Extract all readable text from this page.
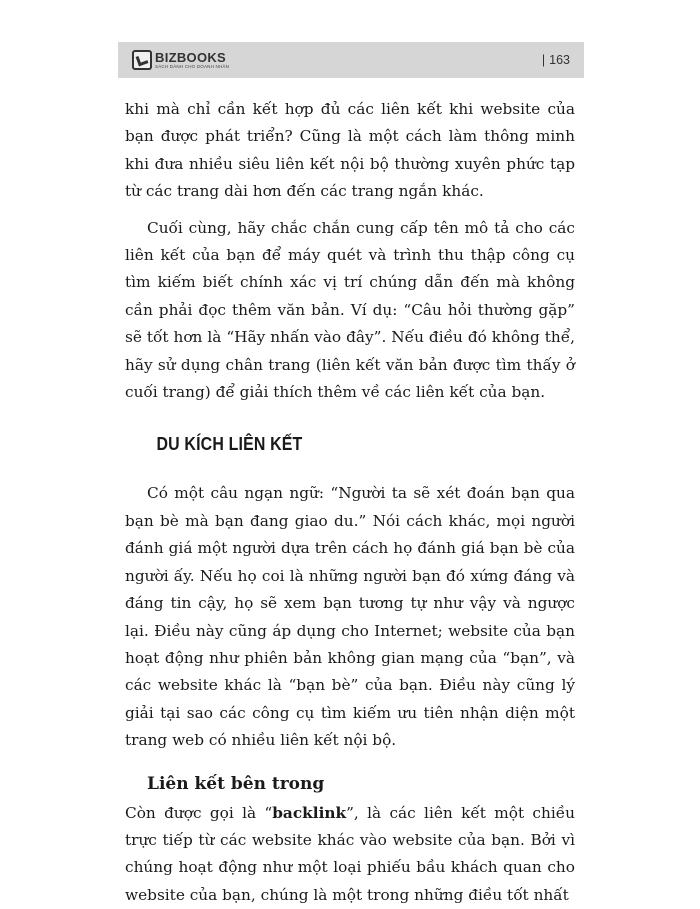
BIZBOOKS
SÁCH DÀNH CHO DOANH NHÂN	| 163

khi mà chỉ cần kết hợp đủ các liên kết khi website của bạn được phát triển? Cũng là một cách làm thông minh khi đưa nhiều siêu liên kết nội bộ thường xuyên phức tạp từ các trang dài hơn đến các trang ngắn khác.

Cuối cùng, hãy chắc chắn cung cấp tên mô tả cho các liên kết của bạn để máy quét và trình thu thập công cụ tìm kiếm biết chính xác vị trí chúng dẫn đến mà không cần phải đọc thêm văn bản. Ví dụ: “Câu hỏi thường gặp” sẽ tốt hơn là “Hãy nhấn vào đây”. Nếu điều đó không thể, hãy sử dụng chân trang (liên kết văn bản được tìm thấy ở cuối trang) để giải thích thêm về các liên kết của bạn.

DU KÍCH LIÊN KẾT

Có một câu ngạn ngữ: “Người ta sẽ xét đoán bạn qua bạn bè mà bạn đang giao du.” Nói cách khác, mọi người đánh giá một người dựa trên cách họ đánh giá bạn bè của người ấy. Nếu họ coi là những người bạn đó xứng đáng và đáng tin cậy, họ sẽ xem bạn tương tự như vậy và ngược lại. Điều này cũng áp dụng cho Internet; website của bạn hoạt động như phiên bản không gian mạng của “bạn”, và các website khác là “bạn bè” của bạn. Điều này cũng lý giải tại sao các công cụ tìm kiếm ưu tiên nhận diện một trang web có nhiều liên kết nội bộ.

Liên kết bên trong

Còn được gọi là “backlink”, là các liên kết một chiều trực tiếp từ các website khác vào website của bạn. Bởi vì chúng hoạt động như một loại phiếu bầu khách quan cho website của bạn, chúng là một trong những điều tốt nhất
